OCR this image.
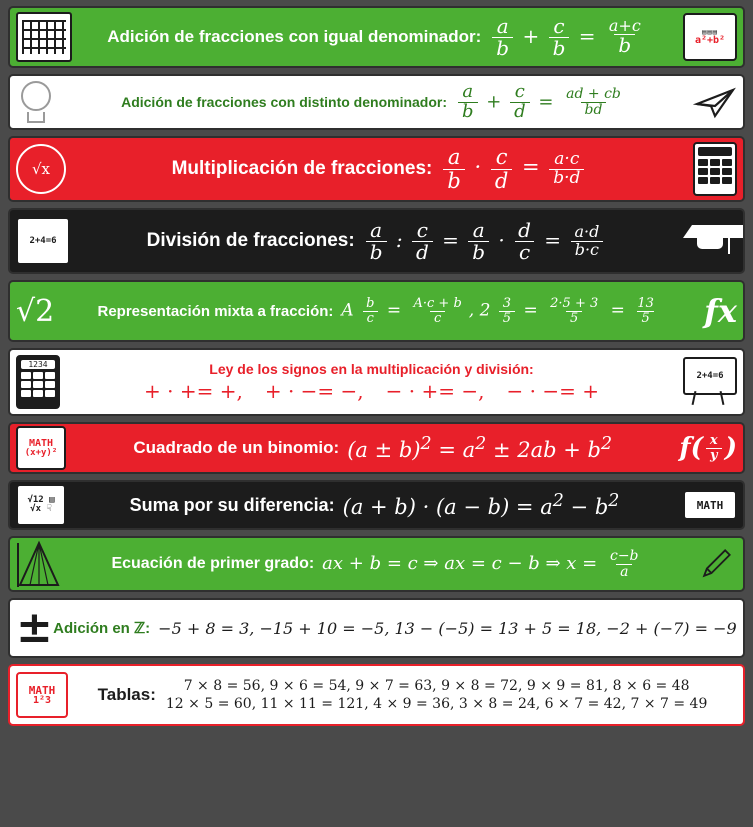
Adición de fracciones con igual denominador: $\frac{a}{b} + \frac{c}{b} = \frac{a+c}{b}$	▤▤▤
a²+b²
Adición de fracciones con distinto denominador: $\frac{a}{b} + \frac{c}{d} = \frac{ad + cb}{bd}$
√x	Multiplicación de fracciones: $\frac{a}{b} \cdot \frac{c}{d} = \frac{a\cdot c}{b\cdot d}$

2+4=6	División de fracciones: $\frac{a}{b}$ : $\frac{c}{d} = \frac{a}{b} \cdot \frac{d}{c} = \frac{a\cdot d}{b\cdot c}$
√2	Representación mixta a fracción: A $\frac{b}{c} = \frac{A\cdot c + b}{c}$ , $2 \frac{3}{5} = \frac{2\cdot 5 + 3}{5} = \frac{13}{5}$ fx
1234	Ley de los signos en la multiplicación y división:
+ · += +, + · −= −, − · += −, − · −= +
2+4=6
MATH
(x+y)²	Cuadrado de un binomio: $(a \pm b)^2 = a^2 \pm 2ab + b^2$	$f( \frac{x}{y}$ )
√12 ▤
√x ☟	Suma por su diferencia: $(a + b) \cdot (a - b) = a^2 - b^2$	MATH
Ecuación de primer grado: ax + b = c ⇒ ax = c − b ⇒ $x = \frac{c-b}{a}$
± Adición en ℤ: −5 + 8 = 3, −15 + 10 = −5, 13 − (−5) = 13 + 5 = 18, −2 + (−7) = −9
MATH
1²3	Tablas:	7 × 8 = 56, 9 × 6 = 54, 9 × 7 = 63, 9 × 8 = 72, 9 × 9 = 81, 8 × 6 = 48
12 × 5 = 60, 11 × 11 = 121, 4 × 9 = 36, 3 × 8 = 24, 6 × 7 = 42, 7 × 7 = 49
